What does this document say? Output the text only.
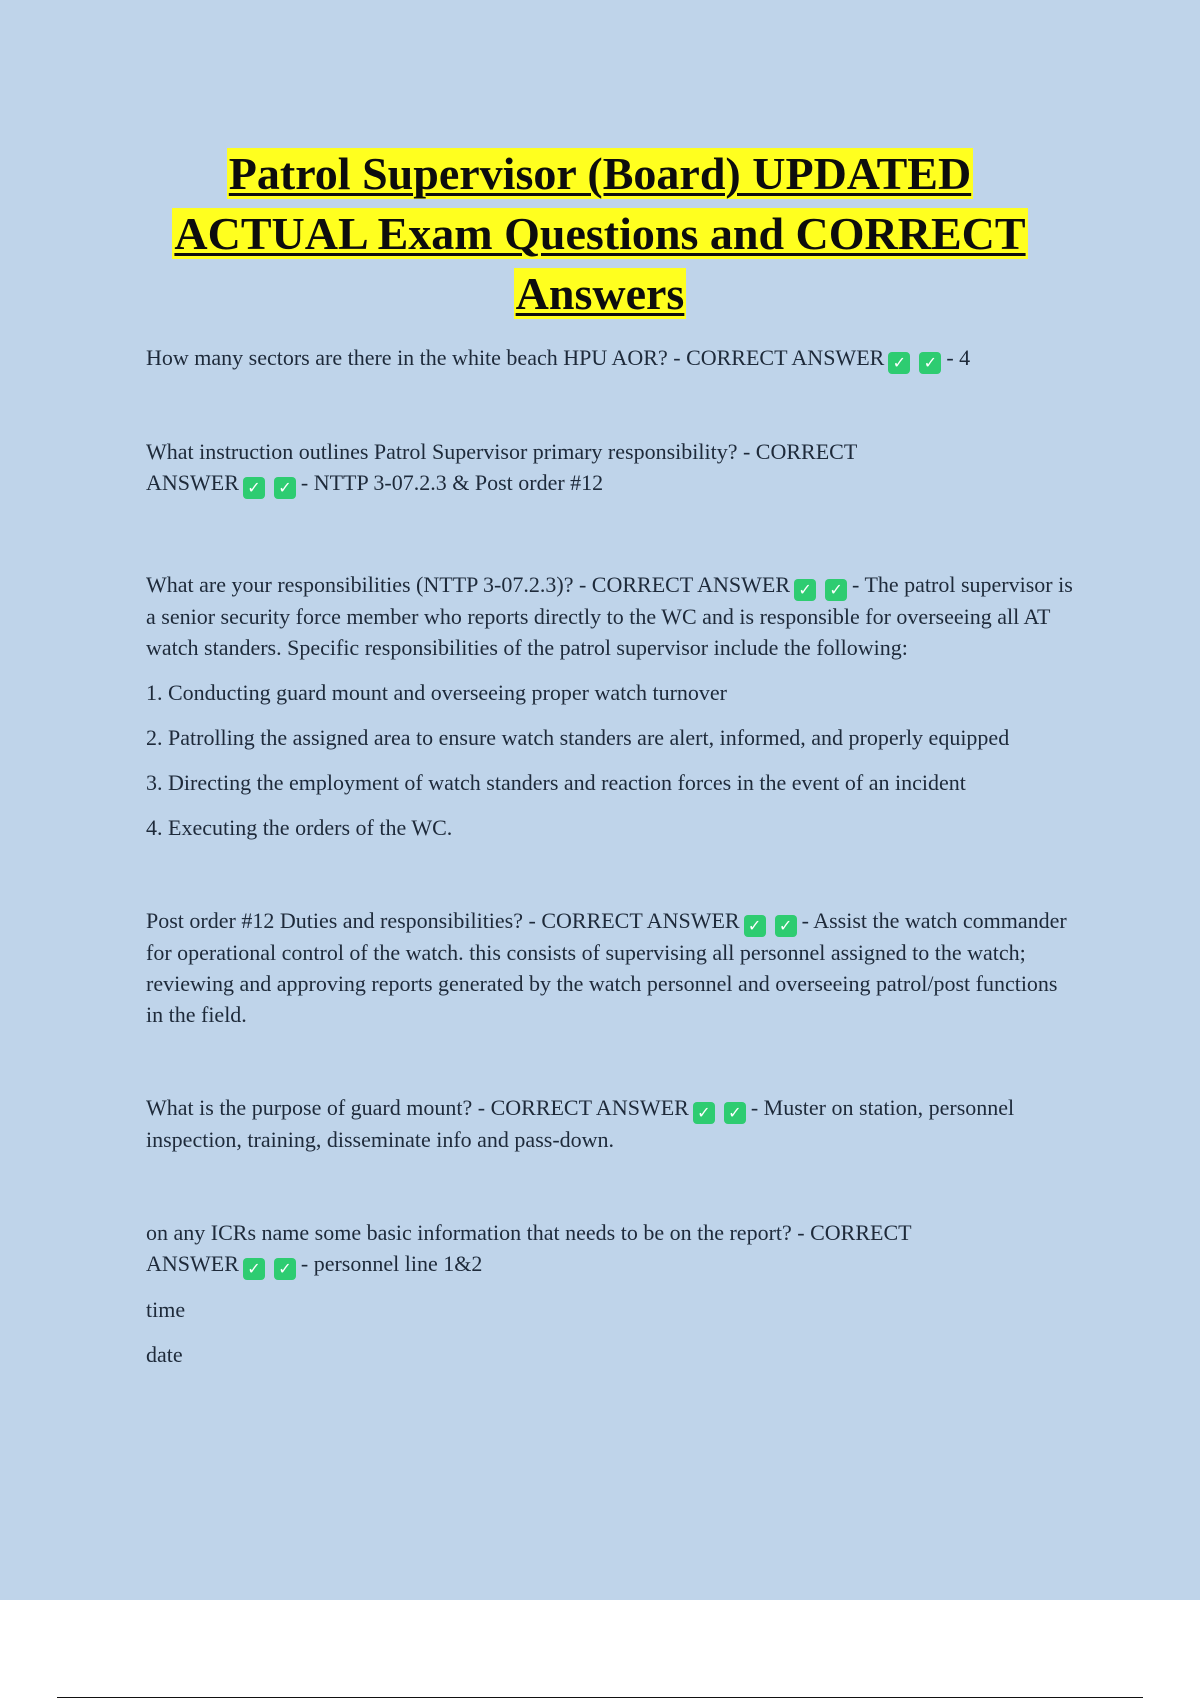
Patrol Supervisor (Board) UPDATED
ACTUAL Exam Questions and CORRECT
Answers

How many sectors are there in the white beach HPU AOR? - CORRECT ANSWER ✓ ✓ - 4

What instruction outlines Patrol Supervisor primary responsibility? - CORRECT ANSWER ✓ ✓ - NTTP 3-07.2.3 & Post order #12

What are your responsibilities (NTTP 3-07.2.3)? - CORRECT ANSWER ✓ ✓ - The patrol supervisor is a senior security force member who reports directly to the WC and is responsible for overseeing all AT watch standers. Specific responsibilities of the patrol supervisor include the following:

1. Conducting guard mount and overseeing proper watch turnover

2. Patrolling the assigned area to ensure watch standers are alert, informed, and properly equipped

3. Directing the employment of watch standers and reaction forces in the event of an incident

4. Executing the orders of the WC.

Post order #12 Duties and responsibilities? - CORRECT ANSWER ✓ ✓ - Assist the watch commander for operational control of the watch. this consists of supervising all personnel assigned to the watch; reviewing and approving reports generated by the watch personnel and overseeing patrol/post functions in the field.

What is the purpose of guard mount? - CORRECT ANSWER ✓ ✓ - Muster on station, personnel inspection, training, disseminate info and pass-down.

on any ICRs name some basic information that needs to be on the report? - CORRECT ANSWER ✓ ✓ - personnel line 1&2

time

date
